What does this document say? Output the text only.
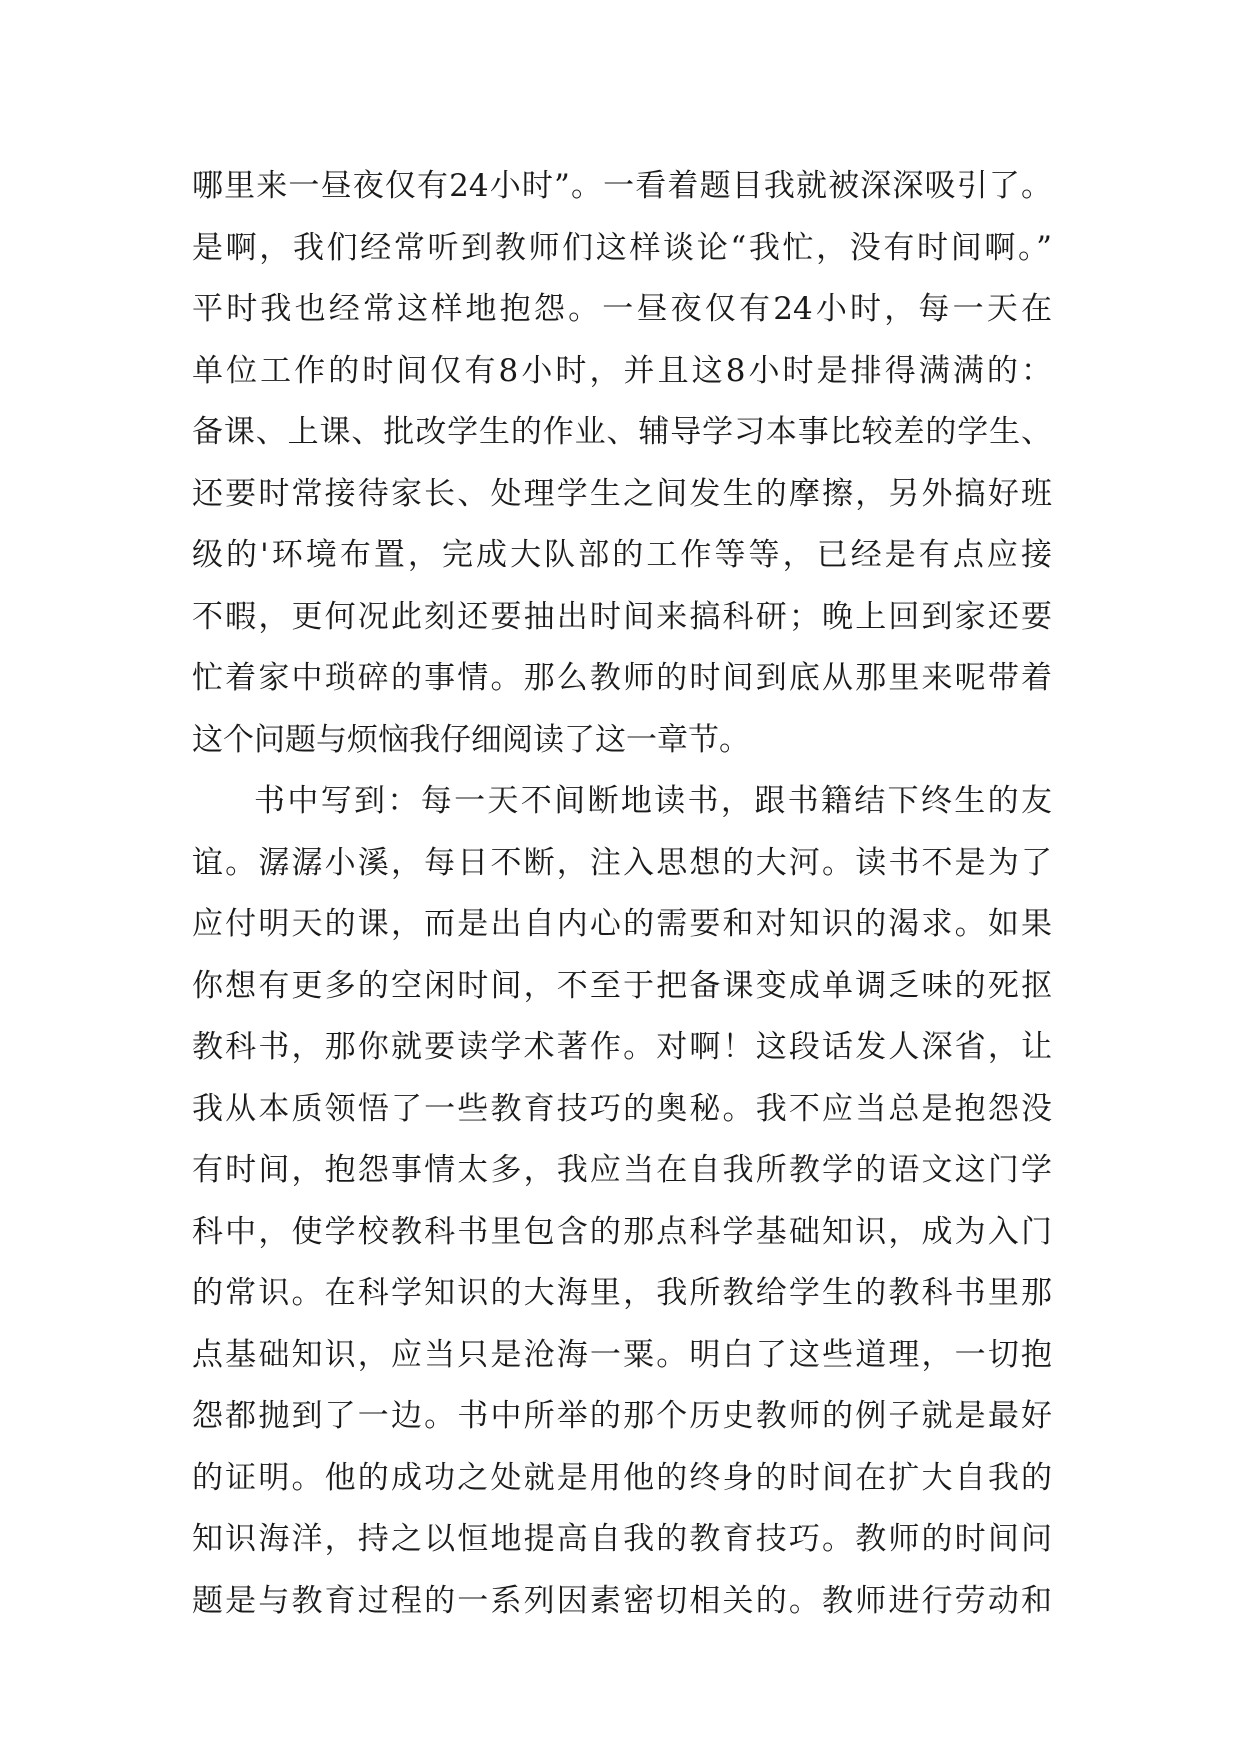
哪里来一昼夜仅有24小时”。一看着题目我就被深深吸引了。
是啊，我们经常听到教师们这样谈论“我忙，没有时间啊。”
平时我也经常这样地抱怨。一昼夜仅有24小时，每一天在
单位工作的时间仅有8小时，并且这8小时是排得满满的：
备课、上课、批改学生的作业、辅导学习本事比较差的学生、
还要时常接待家长、处理学生之间发生的摩擦，另外搞好班
级的'环境布置，完成大队部的工作等等，已经是有点应接
不暇，更何况此刻还要抽出时间来搞科研；晚上回到家还要
忙着家中琐碎的事情。那么教师的时间到底从那里来呢带着
这个问题与烦恼我仔细阅读了这一章节。
书中写到：每一天不间断地读书，跟书籍结下终生的友
谊。潺潺小溪，每日不断，注入思想的大河。读书不是为了
应付明天的课，而是出自内心的需要和对知识的渴求。如果
你想有更多的空闲时间，不至于把备课变成单调乏味的死抠
教科书，那你就要读学术著作。对啊！这段话发人深省，让
我从本质领悟了一些教育技巧的奥秘。我不应当总是抱怨没
有时间，抱怨事情太多，我应当在自我所教学的语文这门学
科中，使学校教科书里包含的那点科学基础知识，成为入门
的常识。在科学知识的大海里，我所教给学生的教科书里那
点基础知识，应当只是沧海一粟。明白了这些道理，一切抱
怨都抛到了一边。书中所举的那个历史教师的例子就是最好
的证明。他的成功之处就是用他的终身的时间在扩大自我的
知识海洋，持之以恒地提高自我的教育技巧。教师的时间问
题是与教育过程的一系列因素密切相关的。教师进行劳动和
